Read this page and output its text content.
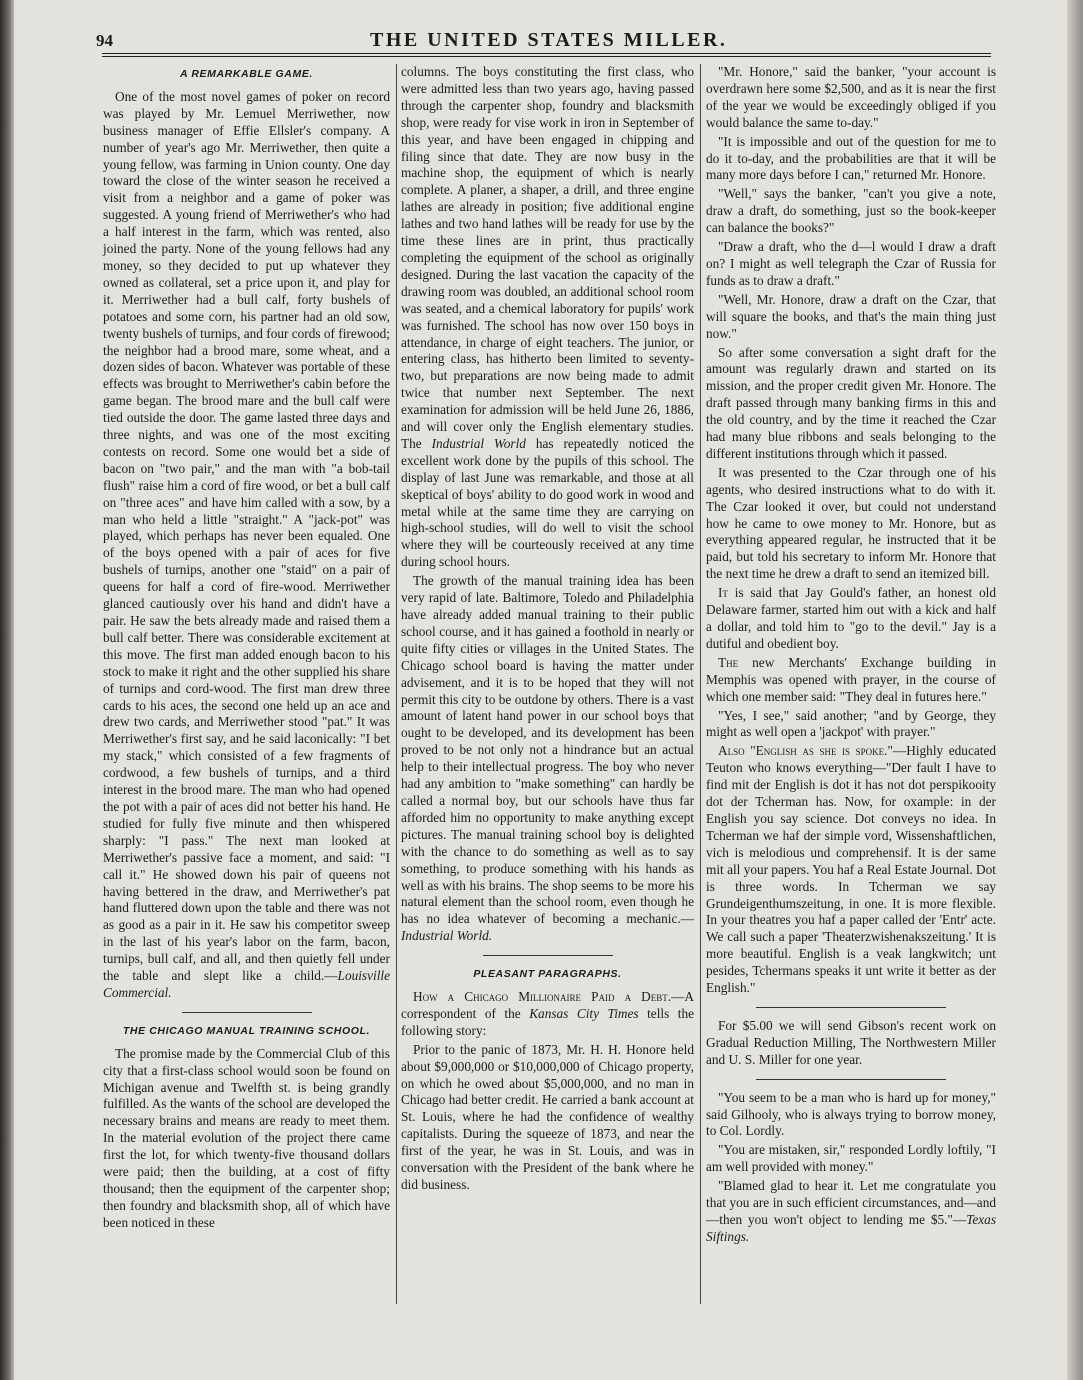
94	THE UNITED STATES MILLER.
A REMARKABLE GAME.

One of the most novel games of poker on record was played by Mr. Lemuel Merriwether, now business manager of Effie Ellsler's company. A number of year's ago Mr. Merriwether, then quite a young fellow, was farming in Union county. One day toward the close of the winter season he received a visit from a neighbor and a game of poker was suggested. A young friend of Merriwether's who had a half interest in the farm, which was rented, also joined the party. None of the young fellows had any money, so they decided to put up whatever they owned as collateral, set a price upon it, and play for it. Merriwether had a bull calf, forty bushels of potatoes and some corn, his partner had an old sow, twenty bushels of turnips, and four cords of firewood; the neighbor had a brood mare, some wheat, and a dozen sides of bacon. Whatever was portable of these effects was brought to Merriwether's cabin before the game began. The brood mare and the bull calf were tied outside the door. The game lasted three days and three nights, and was one of the most exciting contests on record. Some one would bet a side of bacon on "two pair," and the man with "a bob-tail flush" raise him a cord of fire wood, or bet a bull calf on "three aces" and have him called with a sow, by a man who held a little "straight." A "jack-pot" was played, which perhaps has never been equaled. One of the boys opened with a pair of aces for five bushels of turnips, another one "staid" on a pair of queens for half a cord of fire-wood. Merriwether glanced cautiously over his hand and didn't have a pair. He saw the bets already made and raised them a bull calf better. There was considerable excitement at this move. The first man added enough bacon to his stock to make it right and the other supplied his share of turnips and cord-wood. The first man drew three cards to his aces, the second one held up an ace and drew two cards, and Merriwether stood "pat." It was Merriwether's first say, and he said laconically: "I bet my stack," which consisted of a few fragments of cordwood, a few bushels of turnips, and a third interest in the brood mare. The man who had opened the pot with a pair of aces did not better his hand. He studied for fully five minute and then whispered sharply: "I pass." The next man looked at Merriwether's passive face a moment, and said: "I call it." He showed down his pair of queens not having bettered in the draw, and Merriwether's pat hand fluttered down upon the table and there was not as good as a pair in it. He saw his competitor sweep in the last of his year's labor on the farm, bacon, turnips, bull calf, and all, and then quietly fell under the table and slept like a child.—Louisville Commercial.

THE CHICAGO MANUAL TRAINING SCHOOL.

The promise made by the Commercial Club of this city that a first-class school would soon be found on Michigan avenue and Twelfth st. is being grandly fulfilled. As the wants of the school are developed the necessary brains and means are ready to meet them. In the material evolution of the project there came first the lot, for which twenty-five thousand dollars were paid; then the building, at a cost of fifty thousand; then the equipment of the carpenter shop; then foundry and blacksmith shop, all of which have been noticed in these

columns. The boys constituting the first class, who were admitted less than two years ago, having passed through the carpenter shop, foundry and blacksmith shop, were ready for vise work in iron in September of this year, and have been engaged in chipping and filing since that date. They are now busy in the machine shop, the equipment of which is nearly complete. A planer, a shaper, a drill, and three engine lathes are already in position; five additional engine lathes and two hand lathes will be ready for use by the time these lines are in print, thus practically completing the equipment of the school as originally designed. During the last vacation the capacity of the drawing room was doubled, an additional school room was seated, and a chemical laboratory for pupils' work was furnished. The school has now over 150 boys in attendance, in charge of eight teachers. The junior, or entering class, has hitherto been limited to seventy-two, but preparations are now being made to admit twice that number next September. The next examination for admission will be held June 26, 1886, and will cover only the English elementary studies. The Industrial World has repeatedly noticed the excellent work done by the pupils of this school. The display of last June was remarkable, and those at all skeptical of boys' ability to do good work in wood and metal while at the same time they are carrying on high-school studies, will do well to visit the school where they will be courteously received at any time during school hours.

The growth of the manual training idea has been very rapid of late. Baltimore, Toledo and Philadelphia have already added manual training to their public school course, and it has gained a foothold in nearly or quite fifty cities or villages in the United States. The Chicago school board is having the matter under advisement, and it is to be hoped that they will not permit this city to be outdone by others. There is a vast amount of latent hand power in our school boys that ought to be developed, and its development has been proved to be not only not a hindrance but an actual help to their intellectual progress. The boy who never had any ambition to "make something" can hardly be called a normal boy, but our schools have thus far afforded him no opportunity to make anything except pictures. The manual training school boy is delighted with the chance to do something as well as to say something, to produce something with his hands as well as with his brains. The shop seems to be more his natural element than the school room, even though he has no idea whatever of becoming a mechanic.—Industrial World.

PLEASANT PARAGRAPHS.

How a Chicago Millionaire Paid a Debt.—A correspondent of the Kansas City Times tells the following story:

Prior to the panic of 1873, Mr. H. H. Honore held about $9,000,000 or $10,000,000 of Chicago property, on which he owed about $5,000,000, and no man in Chicago had better credit. He carried a bank account at St. Louis, where he had the confidence of wealthy capitalists. During the squeeze of 1873, and near the first of the year, he was in St. Louis, and was in conversation with the President of the bank where he did business.

"Mr. Honore," said the banker, "your account is overdrawn here some $2,500, and as it is near the first of the year we would be exceedingly obliged if you would balance the same to-day."

"It is impossible and out of the question for me to do it to-day, and the probabilities are that it will be many more days before I can," returned Mr. Honore.

"Well," says the banker, "can't you give a note, draw a draft, do something, just so the book-keeper can balance the books?"

"Draw a draft, who the d—l would I draw a draft on? I might as well telegraph the Czar of Russia for funds as to draw a draft."

"Well, Mr. Honore, draw a draft on the Czar, that will square the books, and that's the main thing just now."

So after some conversation a sight draft for the amount was regularly drawn and started on its mission, and the proper credit given Mr. Honore. The draft passed through many banking firms in this and the old country, and by the time it reached the Czar had many blue ribbons and seals belonging to the different institutions through which it passed.

It was presented to the Czar through one of his agents, who desired instructions what to do with it. The Czar looked it over, but could not understand how he came to owe money to Mr. Honore, but as everything appeared regular, he instructed that it be paid, but told his secretary to inform Mr. Honore that the next time he drew a draft to send an itemized bill.

It is said that Jay Gould's father, an honest old Delaware farmer, started him out with a kick and half a dollar, and told him to "go to the devil." Jay is a dutiful and obedient boy.

The new Merchants' Exchange building in Memphis was opened with prayer, in the course of which one member said: "They deal in futures here."

"Yes, I see," said another; "and by George, they might as well open a 'jackpot' with prayer."

Also "English as she is spoke."—Highly educated Teuton who knows everything—"Der fault I have to find mit der English is dot it has not dot perspikooity dot der Tcherman has. Now, for oxample: in der English you say science. Dot conveys no idea. In Tcherman we haf der simple vord, Wissenshaftlichen, vich is melodious und comprehensif. It is der same mit all your papers. You haf a Real Estate Journal. Dot is three words. In Tcherman we say Grundeigenthumszeitung, in one. It is more flexible. In your theatres you haf a paper called der 'Entr' acte. We call such a paper 'Theaterzwishenakszeitung.' It is more beautiful. English is a veak langkwitch; unt pesides, Tchermans speaks it unt write it better as der English."

For $5.00 we will send Gibson's recent work on Gradual Reduction Milling, The Northwestern Miller and U. S. Miller for one year.

"You seem to be a man who is hard up for money," said Gilhooly, who is always trying to borrow money, to Col. Lordly.

"You are mistaken, sir," responded Lordly loftily, "I am well provided with money."

"Blamed glad to hear it. Let me congratulate you that you are in such efficient circumstances, and—and—then you won't object to lending me $5."—Texas Siftings.
